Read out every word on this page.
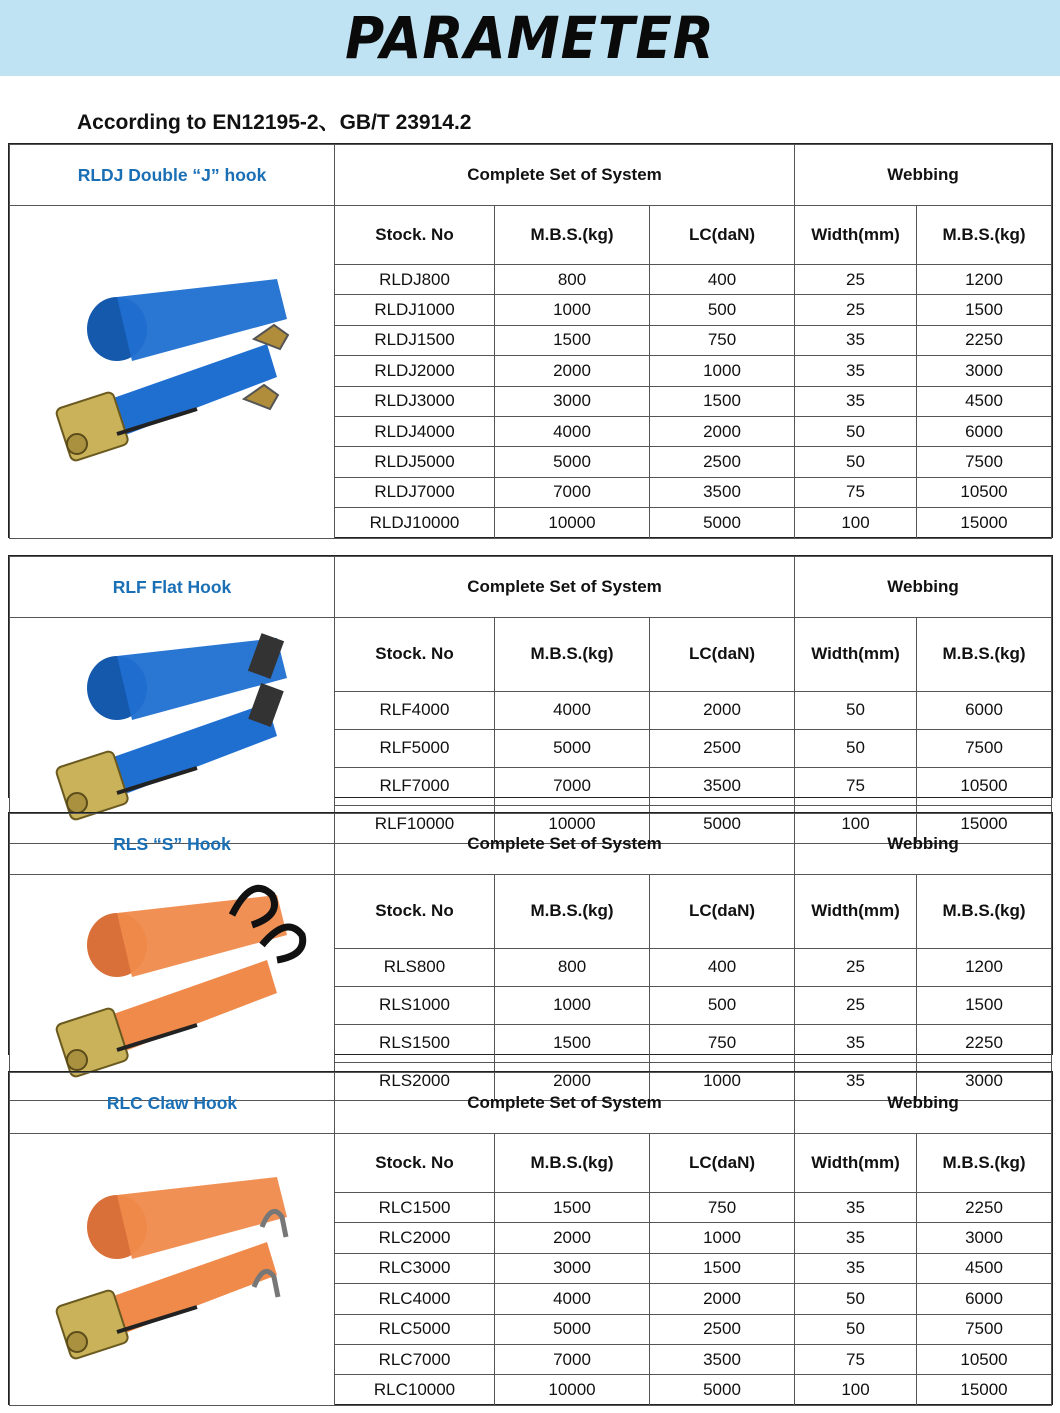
PARAMETER
According to EN12195-2、GB/T 23914.2
RLDJ Double “J” hook	Complete Set of System			Webbing	
	Stock. No	M.B.S.(kg)	LC(daN)	Width(mm)	M.B.S.(kg)
	RLDJ800	800	400	25	1200
	RLDJ1000	1000	500	25	1500
	RLDJ1500	1500	750	35	2250
	RLDJ2000	2000	1000	35	3000
	RLDJ3000	3000	1500	35	4500
	RLDJ4000	4000	2000	50	6000
	RLDJ5000	5000	2500	50	7500
	RLDJ7000	7000	3500	75	10500
	RLDJ10000	10000	5000	100	15000
RLF Flat Hook	Complete Set of System			Webbing	
	Stock. No	M.B.S.(kg)	LC(daN)	Width(mm)	M.B.S.(kg)
	RLF4000	4000	2000	50	6000
	RLF5000	5000	2500	50	7500
	RLF7000	7000	3500	75	10500
	RLF10000	10000	5000	100	15000
RLS “S” Hook	Complete Set of System			Webbing	
	Stock. No	M.B.S.(kg)	LC(daN)	Width(mm)	M.B.S.(kg)
	RLS800	800	400	25	1200
	RLS1000	1000	500	25	1500
	RLS1500	1500	750	35	2250
	RLS2000	2000	1000	35	3000
RLC Claw Hook	Complete Set of System			Webbing	
	Stock. No	M.B.S.(kg)	LC(daN)	Width(mm)	M.B.S.(kg)
	RLC1500	1500	750	35	2250
	RLC2000	2000	1000	35	3000
	RLC3000	3000	1500	35	4500
	RLC4000	4000	2000	50	6000
	RLC5000	5000	2500	50	7500
	RLC7000	7000	3500	75	10500
	RLC10000	10000	5000	100	15000
